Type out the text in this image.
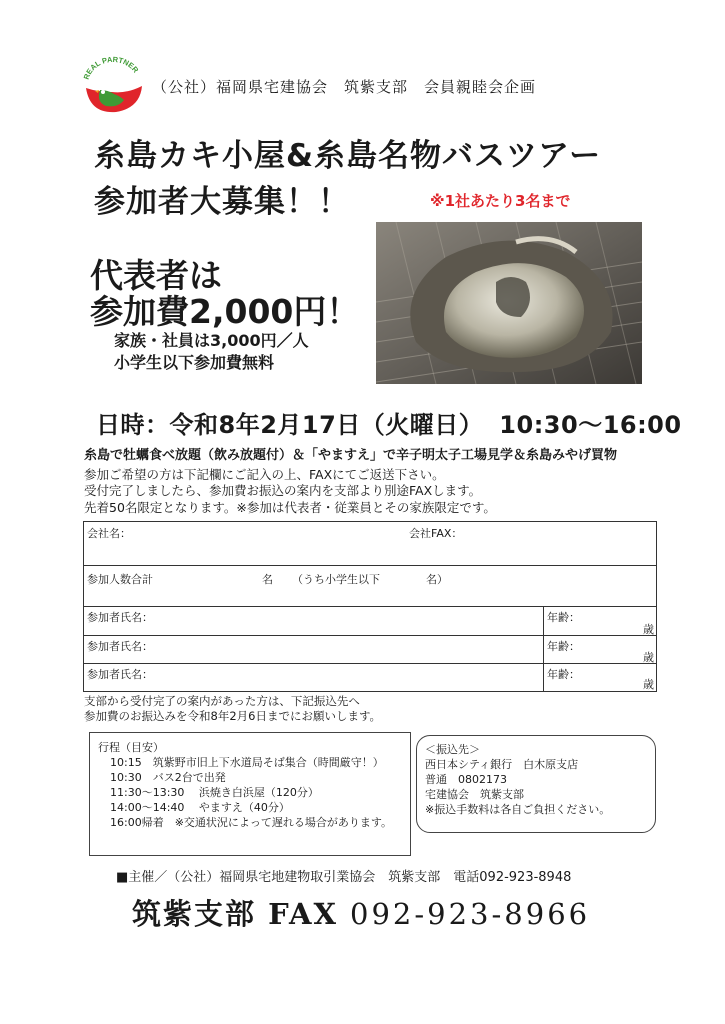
REAL PARTNER
（公社）福岡県宅建協会　筑紫支部　会員親睦会企画
糸島カキ小屋&糸島名物バスツアー
参加者大募集！！	※1社あたり3名まで
代表者は
参加費2,000円！
家族・社員は3,000円／人
小学生以下参加費無料
日時：令和8年2月17日（火曜日） 10:30〜16:00
糸島で牡蠣食べ放題（飲み放題付）＆「やますえ」で辛子明太子工場見学＆糸島みやげ買物
参加ご希望の方は下記欄にご記入の上、FAXにてご返送下さい。
受付完了しましたら、参加費お振込の案内を支部より別途FAXします。
先着50名限定となります。※参加は代表者・従業員とその家族限定です。
会社名：	会社FAX：
参加人数合計	名 （うち小学生以下	名）
参加者氏名：	年齢：
歳
参加者氏名：	年齢：
歳
参加者氏名：	年齢：
歳
支部から受付完了の案内があった方は、下記振込先へ
参加費のお振込みを令和8年2月6日までにお願いします。
行程（目安）
10:15　筑紫野市旧上下水道局そば集合（時間厳守！）
10:30　バス2台で出発
11:30〜13:30　 浜焼き白浜屋（120分）
14:00〜14:40　 やますえ（40分）
16:00帰着　※交通状況によって遅れる場合があります。
＜振込先＞
西日本シティ銀行　白木原支店
普通　0802173
宅建協会　筑紫支部
※振込手数料は各自ご負担ください。
■主催／（公社）福岡県宅地建物取引業協会　筑紫支部　電話092-923-8948
筑紫支部 FAX 092-923-8966
